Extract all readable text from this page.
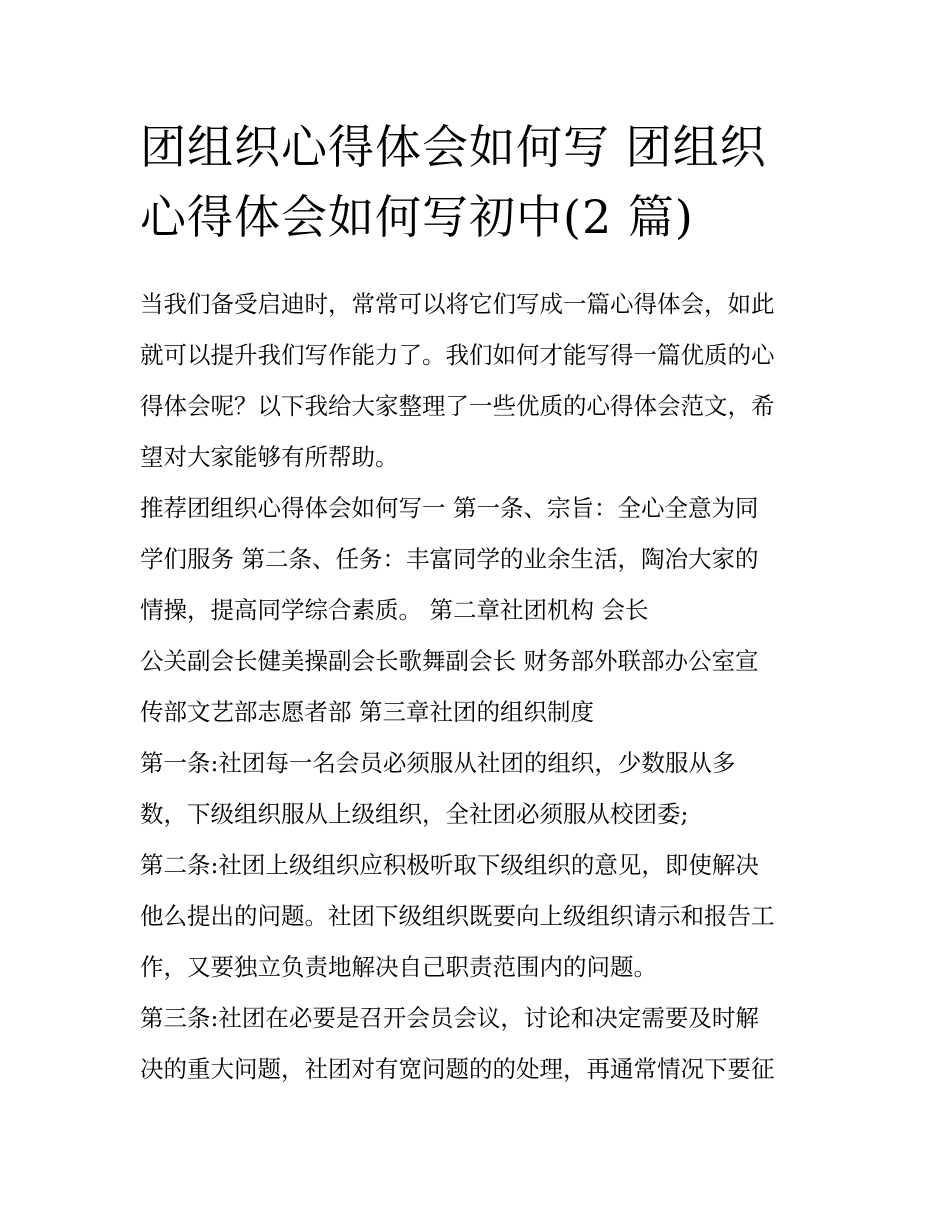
团组织心得体会如何写 团组织
心得体会如何写初中(2 篇)
当我们备受启迪时，常常可以将它们写成一篇心得体会，如此
就可以提升我们写作能力了。我们如何才能写得一篇优质的心
得体会呢？以下我给大家整理了一些优质的心得体会范文，希
望对大家能够有所帮助。
推荐团组织心得体会如何写一 第一条、宗旨：全心全意为同
学们服务 第二条、任务：丰富同学的业余生活，陶冶大家的
情操，提高同学综合素质。 第二章社团机构 会长
公关副会长健美操副会长歌舞副会长 财务部外联部办公室宣
传部文艺部志愿者部 第三章社团的组织制度
第一条:社团每一名会员必须服从社团的组织，少数服从多
数，下级组织服从上级组织，全社团必须服从校团委;
第二条:社团上级组织应积极听取下级组织的意见，即使解决
他么提出的问题。社团下级组织既要向上级组织请示和报告工
作，又要独立负责地解决自己职责范围内的问题。
第三条:社团在必要是召开会员会议，讨论和决定需要及时解
决的重大问题，社团对有宽问题的的处理，再通常情况下要征
